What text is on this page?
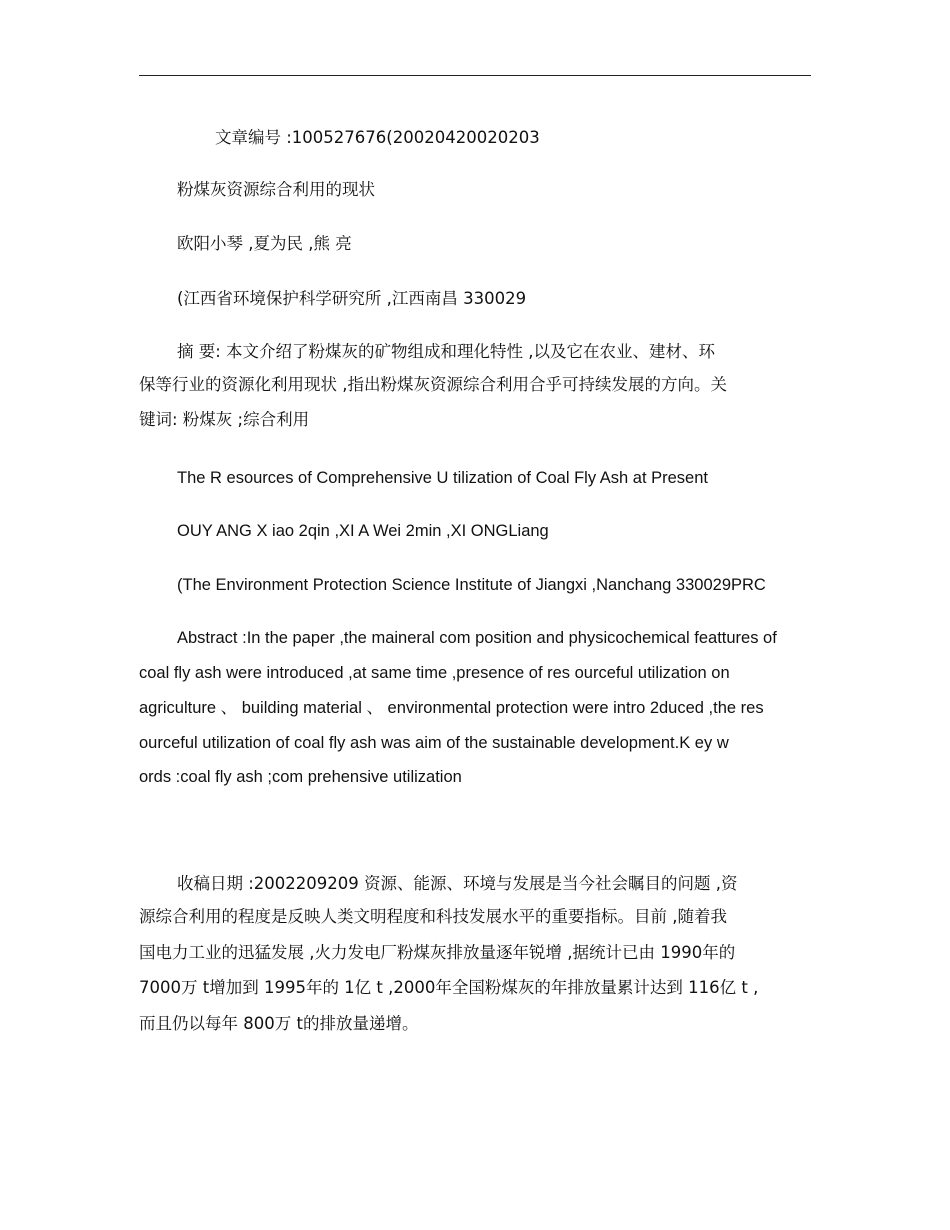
文章编号 :100527676(20020420020203
粉煤灰资源综合利用的现状
欧阳小琴 ,夏为民 ,熊 亮
(江西省环境保护科学研究所 ,江西南昌 330029
摘 要: 本文介绍了粉煤灰的矿物组成和理化特性 ,以及它在农业、建材、环
保等行业的资源化利用现状 ,指出粉煤灰资源综合利用合乎可持续发展的方向。关
键词: 粉煤灰 ;综合利用
The R esources of Comprehensive U tilization of Coal Fly Ash at Present
OUY ANG X iao 2qin ,XI A Wei 2min ,XI ONGLiang
(The Environment Protection Science Institute of Jiangxi ,Nanchang 330029PRC
Abstract :In the paper ,the maineral com position and physicochemical feattures of
coal fly ash were introduced ,at same time ,presence of res ourceful utilization on
agriculture 、 building material 、 environmental protection were intro 2duced ,the res
ourceful utilization of coal fly ash was aim of the sustainable development.K ey w
ords :coal fly ash ;com prehensive utilization
收稿日期 :2002209209 资源、能源、环境与发展是当今社会瞩目的问题 ,资
源综合利用的程度是反映人类文明程度和科技发展水平的重要指标。目前 ,随着我
国电力工业的迅猛发展 ,火力发电厂粉煤灰排放量逐年锐增 ,据统计已由 1990年的
7000万 t增加到 1995年的 1亿 t ,2000年全国粉煤灰的年排放量累计达到 116亿 t ,
而且仍以每年 800万 t的排放量递增。
